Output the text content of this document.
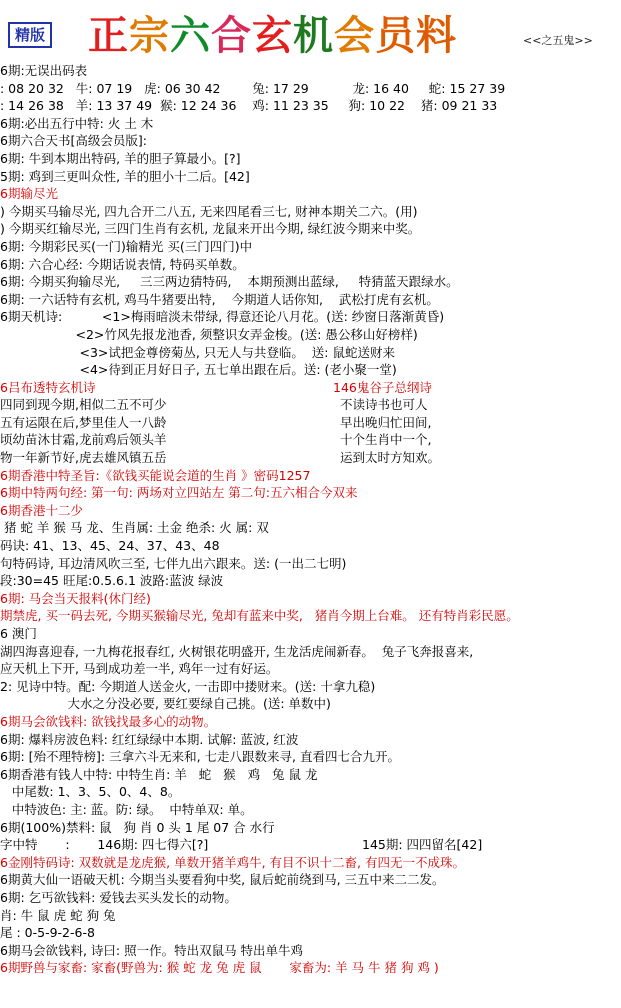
精版 正宗六合玄机会员料	<<之五鬼>>
6期:无误出码表
: 08 20 32   牛: 07 19   虎: 06 30 42        兔: 17 29           龙: 16 40     蛇: 15 27 39
: 14 26 38   羊: 13 37 49  猴: 12 24 36    鸡: 11 23 35     狗: 10 22    猪: 09 21 33
6期:必出五行中特: 火 土 木
6期六合天书[高级会员版]:
6期: 牛到本期出特码, 羊的胆子算最小。[?]
5期: 鸡到三更叫众性, 羊的胆小十二后。[42]
6期输尽光
) 今期买马输尽光, 四九合开二八五, 无来四尾看三七, 财神本期关二六。(用)
) 今期买红输尽光, 三四门生肖有玄机, 龙鼠来开出今期, 绿红波今期来中奖。
6期: 今期彩民买(一门)输精光 买(三门四门)中
6期: 六合心经: 今期话说表情, 特码买单数。
6期: 今期买狗输尽光,     三三两边猜特码,    本期预测出蓝绿,     特猜蓝天跟绿水。
6期: 一六话特有玄机, 鸡马牛猪要出特,    今期道人话你知,    武松打虎有玄机。
6期天机诗:          <1>梅雨暗淡未带绿, 得意还论八月花。(送: 纱窗日落渐黄昏)
<2>竹风先报龙池香, 须整识女弄金梭。(送: 愚公移山好榜样)
<3>试把金尊傍菊丛, 只无人与共登临。  送: 鼠蛇送财来
<4>待到正月好日子, 五七单出跟在后。送: (老小聚一堂)
6吕布透特玄机诗	146鬼谷子总纲诗
四同到现今期,相似二五不可少	不读诗书也可人
五有运限在后,梦里佳人一八龄	早出晚归忙田间,
顷幼苗沐甘霜,龙前鸡后领头羊	十个生肖中一个,
物一年新节好,虎去雄风镇五岳	运到太时方知欢。
6期香港中特圣旨:《欲钱买能说会道的生肖 》密码1257
6期中特两句经: 第一句: 两场对立四站左 第二句:五六相合今双来
6期香港十二少
猪 蛇 羊 猴 马 龙、生肖属: 土金 绝杀: 火 属: 双
码诀: 41、13、45、24、37、43、48
句特码诗, 耳边清风吹三至, 七伴九出六跟来。送: (一出二七明)
段:30=45 旺尾:0.5.6.1 波路:蓝波 绿波
6期: 马会当天报料(休门经)
期禁虎, 买一码去死, 今期买猴输尽光, 兔却有蓝来中奖,   猪肖今期上台难。 还有特肖彩民愿。
6 澳门
湖四海喜迎春, 一九梅花报春红, 火树银花明盛开, 生龙活虎闹新春。  兔子飞奔报喜来,
应天机上下开, 马到成功差一半, 鸡年一过有好运。
2: 见诗中特。配: 今期道人送金火, 一击即中搂财来。(送: 十拿九稳)
大水之分没必要, 要红要绿自己挑。(送: 单数中)
6期马会欲钱料: 欲钱找最多心的动物。
6期: 爆料房波色料: 红红绿绿中本期. 试解: 蓝波, 红波
6期: [殆不理特榜]: 三拿六斗无来和, 七走八跟数来寻, 直看四七合九开。
6期香港有钱人中特: 中特生肖: 羊   蛇   猴   鸡   兔 鼠 龙
中尾数: 1、3、5、0、4、8。
中特波色: 主: 蓝。防: 绿。  中特单双: 单。
6期(100%)禁料: 鼠   狗 肖 0 头 1 尾 07 合 水行
字中特       :       146期: 四七得六[?]	145期: 四四留名[42]
6金刚特码诗: 双数就是龙虎猴, 单数开猪羊鸡牛, 有目不识十二畜, 有四无一不成珠。
6期黄大仙一语破天机: 今期当头要看狗中奖, 鼠后蛇前绕到马, 三五中来二二发。
6期: 乞丐欲钱料: 爱钱去买头发长的动物。
肖: 牛 鼠 虎 蛇 狗 兔
尾 : 0-5-9-2-6-8
6期马会欲钱料, 诗曰: 照一作。特出双鼠马 特出单牛鸡
6期野兽与家畜: 家畜(野兽为: 猴 蛇 龙 兔 虎 鼠       家畜为: 羊 马 牛 猪 狗 鸡 )
